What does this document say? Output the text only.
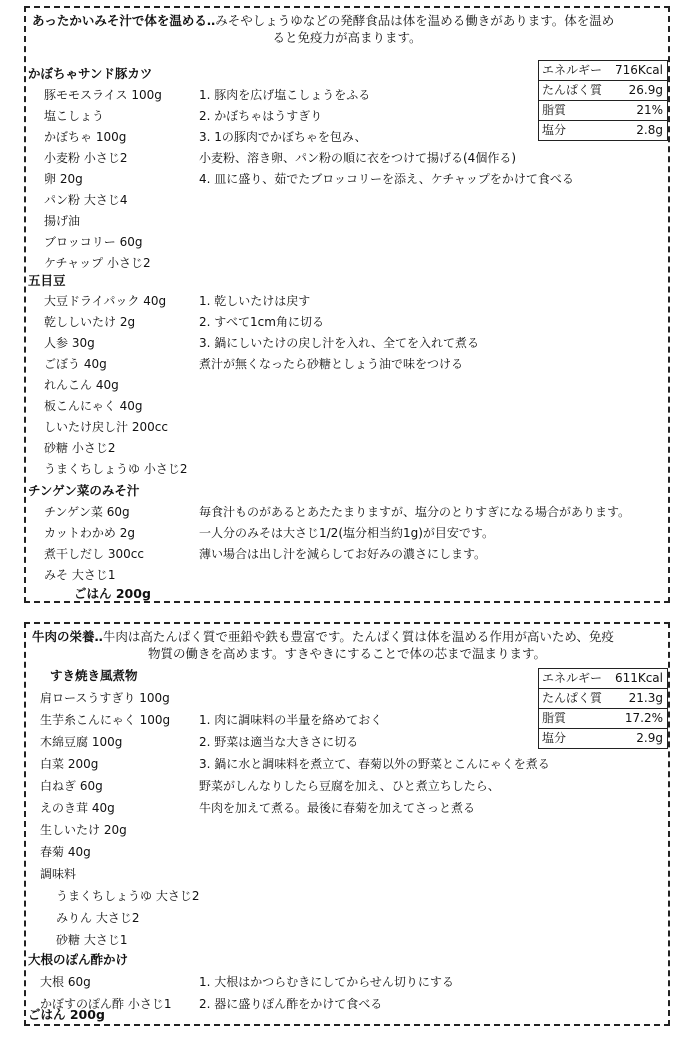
あったかいみそ汁で体を温める‥みそやしょうゆなどの発酵食品は体を温める働きがあります。体を温め
ると免疫力が高まります。
エネルギー 716Kcal
たんぱく質 26.9g
脂質	21%
塩分	2.8g
かぼちゃサンド豚カツ
豚モモスライス 100g
塩こしょう
かぼちゃ 100g
小麦粉 小さじ2
卵 20g
パン粉 大さじ4
揚げ油
ブロッコリー 60g
ケチャップ 小さじ2
1. 豚肉を広げ塩こしょうをふる
2. かぼちゃはうすぎり
3. 1の豚肉でかぼちゃを包み、
小麦粉、溶き卵、パン粉の順に衣をつけて揚げる(4個作る)
4. 皿に盛り、茹でたブロッコリーを添え、ケチャップをかけて食べる
五目豆
大豆ドライパック 40g
乾ししいたけ 2g
人参 30g
ごぼう 40g
れんこん 40g
板こんにゃく 40g
しいたけ戻し汁 200cc
砂糖 小さじ2
うまくちしょうゆ 小さじ2
1. 乾しいたけは戻す
2. すべて1cm角に切る
3. 鍋にしいたけの戻し汁を入れ、全てを入れて煮る
煮汁が無くなったら砂糖としょう油で味をつける
チンゲン菜のみそ汁
チンゲン菜 60g
カットわかめ 2g
煮干しだし 300cc
みそ 大さじ1
毎食汁ものがあるとあたたまりますが、塩分のとりすぎになる場合があります。
一人分のみそは大さじ1/2(塩分相当約1g)が目安です。
薄い場合は出し汁を減らしてお好みの濃さにします。
ごはん 200g
牛肉の栄養‥牛肉は高たんぱく質で亜鉛や鉄も豊富です。たんぱく質は体を温める作用が高いため、免疫
物質の働きを高めます。すきやきにすることで体の芯まで温まります。
エネルギー 611Kcal
たんぱく質 21.3g
脂質	17.2%
塩分	2.9g
すき焼き風煮物
肩ロースうすぎり 100g
生芋糸こんにゃく 100g
木綿豆腐 100g
白菜 200g
白ねぎ 60g
えのき茸 40g
生しいたけ 20g
春菊 40g
調味料
うまくちしょうゆ 大さじ2
みりん 大さじ2
砂糖 大さじ1
1. 肉に調味料の半量を絡めておく
2. 野菜は適当な大きさに切る
3. 鍋に水と調味料を煮立て、春菊以外の野菜とこんにゃくを煮る
野菜がしんなりしたら豆腐を加え、ひと煮立ちしたら、
牛肉を加えて煮る。最後に春菊を加えてさっと煮る
大根のぽん酢かけ
大根 60g
かぼすのぽん酢 小さじ1
1. 大根はかつらむきにしてからせん切りにする
2. 器に盛りぽん酢をかけて食べる
ごはん 200g
